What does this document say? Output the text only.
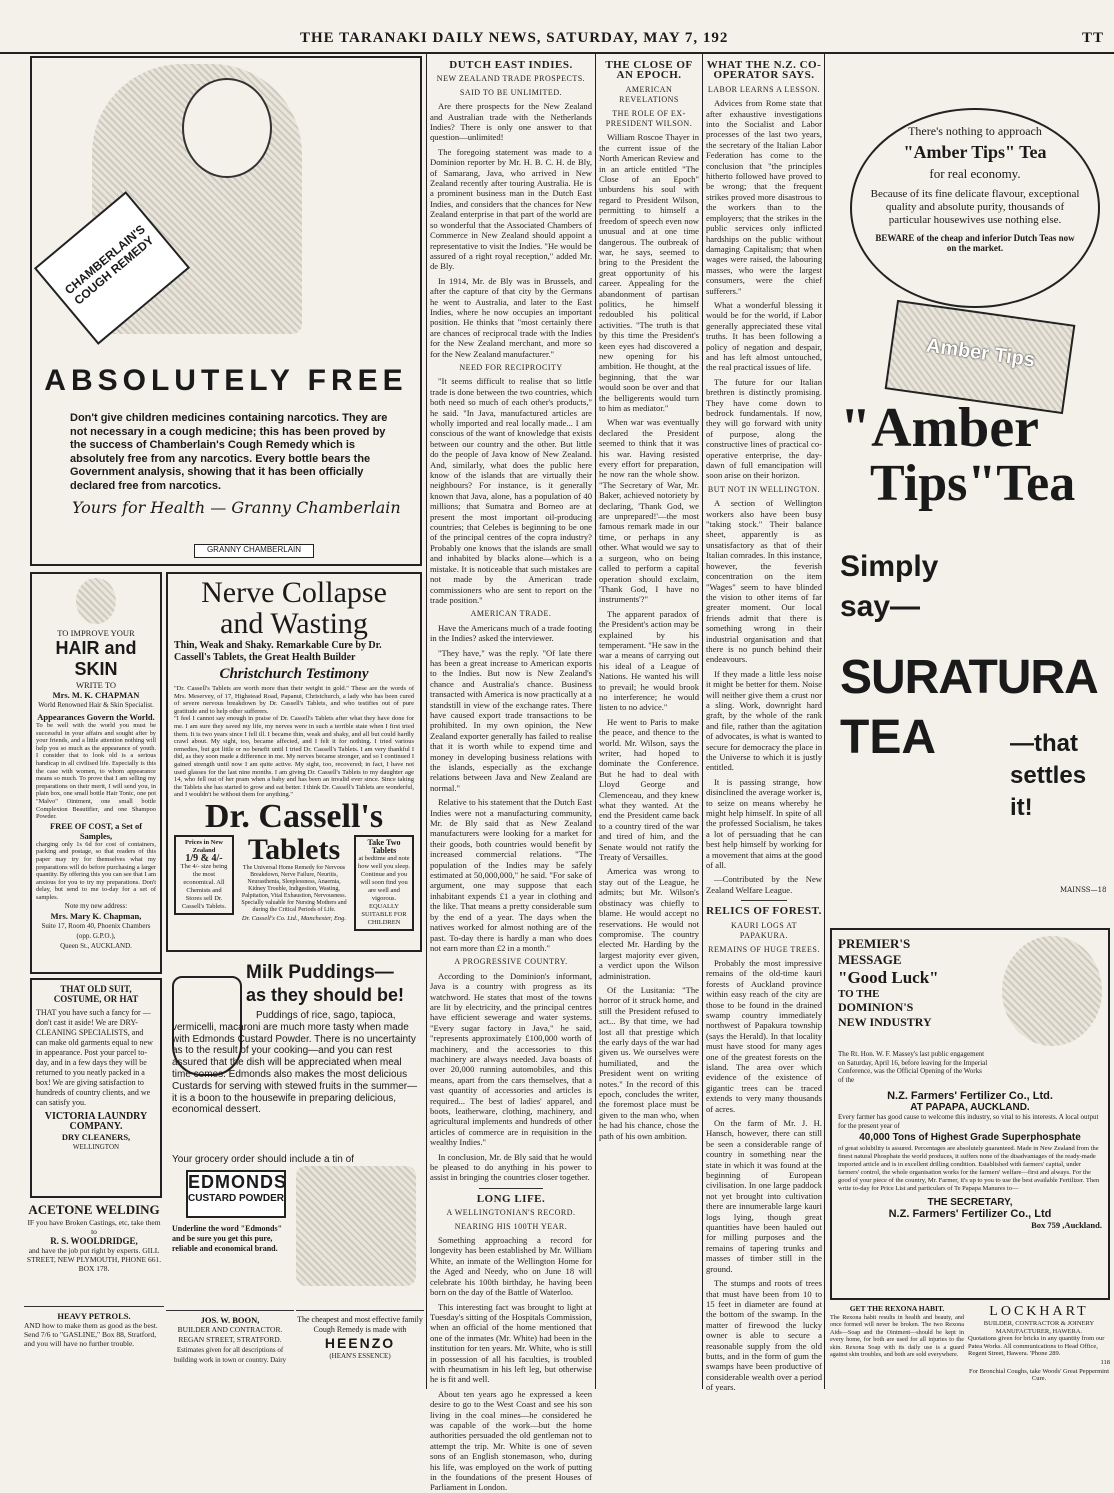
THE TARANAKI DAILY NEWS, SATURDAY, MAY 7, 192	TT
CHAMBERLAIN'S COUGH REMEDY
ABSOLUTELY FREE
Don't give children medicines containing narcotics. They are not necessary in a cough medicine; this has been proved by the success of Chamberlain's Cough Remedy which is absolutely free from any narcotics. Every bottle bears the Government analysis, showing that it has been officially declared free from narcotics.
Yours for Health — Granny Chamberlain
GRANNY CHAMBERLAIN
DUTCH EAST INDIES.
NEW ZEALAND TRADE PROSPECTS.
SAID TO BE UNLIMITED.

Are there prospects for the New Zealand and Australian trade with the Netherlands Indies? There is only one answer to that question—unlimited!

The foregoing statement was made to a Dominion reporter by Mr. H. B. C. H. de Bly, of Samarang, Java, who arrived in New Zealand recently after touring Australia. He is a prominent business man in the Dutch East Indies, and considers that the chances for New Zealand enterprise in that part of the world are so wonderful that the Associated Chambers of Commerce in New Zealand should appoint a representative to visit the Indies. "He would be assured of a right royal reception," added Mr. de Bly.

In 1914, Mr. de Bly was in Brussels, and after the capture of that city by the Germans he went to Australia, and later to the East Indies, where he now occupies an important position. He thinks that "most certainly there are chances of reciprocal trade with the Indies for the New Zealand merchant, and more so for the New Zealand manufacturer."

NEED FOR RECIPROCITY

"It seems difficult to realise that so little trade is done between the two countries, which both need so much of each other's products," he said. "In Java, manufactured articles are wholly imported and real locally made... I am conscious of the want of knowledge that exists between our country and the other. But little do the people of Java know of New Zealand. And, similarly, what does the public here know of the islands that are virtually their neighbours? For instance, is it generally known that Java, alone, has a population of 40 millions; that Sumatra and Borneo are at present the most important oil-producing countries; that Celebes is beginning to be one of the principal centres of the copra industry? Probably one knows that the islands are small and inhabited by blacks alone—which is a mistake. It is noticeable that such mistakes are not made by the American trade commissioners who are sent to report on the trade position."

AMERICAN TRADE.

Have the Americans much of a trade footing in the Indies? asked the interviewer.

"They have," was the reply. "Of late there has been a great increase to American exports to the Indies. But now is New Zealand's chance and Australia's chance. Business transacted with America is now practically at a standstill in view of the exchange rates. There have caused export trade transactions to be prohibited. In my own opinion, the New Zealand exporter generally has failed to realise that it is worth while to expend time and money in developing business relations with the islands, especially as the exchange relations between Java and New Zealand are normal."

Relative to his statement that the Dutch East Indies were not a manufacturing community, Mr. de Bly said that as New Zealand manufacturers were looking for a market for their goods, both countries would benefit by increased commercial relations. "The population of the Indies may be safely estimated at 50,000,000," he said. "For sake of argument, one may suppose that each inhabitant expends £1 a year in clothing and the like. That means a pretty considerable sum by the end of a year. The days when the natives worked for almost nothing are of the past. To-day there is hardly a man who does not earn more than £2 in a month."

A PROGRESSIVE COUNTRY.

According to the Dominion's informant, Java is a country with progress as its watchword. He states that most of the towns are lit by electricity, and the principal centres have efficient sewerage and water systems. "Every sugar factory in Java," he said, "represents approximately £100,000 worth of machinery, and the accessories to this machinery are always needed. Java boasts of over 20,000 running automobiles, and this means, apart from the cars themselves, that a vast quantity of accessories and articles is required... The best of ladies' apparel, and boots, leatherware, clothing, machinery, and agricultural implements and hundreds of other articles of commerce are in requisition in the wealthy Indies."

In conclusion, Mr. de Bly said that he would be pleased to do anything in his power to assist in bringing the countries closer together.

LONG LIFE.
A WELLINGTONIAN'S RECORD.
NEARING HIS 100TH YEAR.

Something approaching a record for longevity has been established by Mr. William White, an inmate of the Wellington Home for the Aged and Needy, who on June 18 will celebrate his 100th birthday, he having been born on the day of the Battle of Waterloo.

This interesting fact was brought to light at Tuesday's sitting of the Hospitals Commission, when an official of the home mentioned that one of the inmates (Mr. White) had been in the institution for ten years. Mr. White, who is still in possession of all his faculties, is troubled with rheumatism in his left leg, but otherwise he is fit and well.

About ten years ago he expressed a keen desire to go to the West Coast and see his son living in the coal mines—he considered he was capable of the work—but the home authorities persuaded the old gentleman not to attempt the trip. Mr. White is one of seven sons of an English stonemason, who, during his life, was employed on the work of putting in the foundations of the present Houses of Parliament in London.

THE CLOSE OF AN EPOCH.
AMERICAN REVELATIONS
THE ROLE OF EX-PRESIDENT WILSON.

William Roscoe Thayer in the current issue of the North American Review and in an article entitled "The Close of an Epoch" unburdens his soul with regard to President Wilson, permitting to himself a freedom of speech even now unusual and at one time dangerous. The outbreak of war, he says, seemed to bring to the President the great opportunity of his career. Appealing for the abandonment of partisan politics, he himself redoubled his political activities. "The truth is that by this time the President's keen eyes had discovered a new opening for his ambition. He thought, at the beginning, that the war would soon be over and that the belligerents would turn to him as mediator."

When war was eventually declared the President seemed to think that it was his war. Having resisted every effort for preparation, he now ran the whole show. "The Secretary of War, Mr. Baker, achieved notoriety by declaring, 'Thank God, we are unprepared!'—the most famous remark made in our time, or perhaps in any other. What would we say to a surgeon, who on being called to perform a capital operation should exclaim, 'Thank God, I have no instruments'?"

The apparent paradox of the President's action may be explained by his temperament. "He saw in the war a means of carrying out his ideal of a League of Nations. He wanted his will to prevail; he would brook no interference; he would listen to no advice."

He went to Paris to make the peace, and thence to the world. Mr. Wilson, says the writer, had hoped to dominate the Conference. But he had to deal with Lloyd George and Clemenceau, and they knew what they wanted. At the end the President came back to a country tired of the war and tired of him, and the Senate would not ratify the Treaty of Versailles.

America was wrong to stay out of the League, he admits; but Mr. Wilson's obstinacy was chiefly to blame. He would accept no reservations. He would not compromise. The country elected Mr. Harding by the largest majority ever given, a verdict upon the Wilson administration.

Of the Lusitania: "The horror of it struck home, and still the President refused to act... By that time, we had lost all that prestige which the early days of the war had given us. We ourselves were humiliated, and the President went on writing notes." In the record of this epoch, concludes the writer, the foremost place must be given to the man who, when he had his chance, chose the path of his own ambition.

There's nothing to approach
"Amber Tips" Tea
for real economy.
Because of its fine delicate flavour, exceptional quality and absolute purity, thousands of particular housewives use nothing else.
BEWARE of the cheap and inferior Dutch Teas now on the market.
Amber Tips
"Amber
Tips"Tea
Simply
say—
SURATURA
TEA	—that
settles
it!
MAINSS—18
TO IMPROVE YOUR
HAIR and
SKIN
WRITE TO
Mrs. M. K. CHAPMAN
World Renowned Hair & Skin Specialist.
Appearances Govern the World.
To be well with the world you must be successful in your affairs and sought after by your friends, and a little attention nothing will help you so much as the appearance of youth. I consider that to look old is a serious handicap in all civilised life. Especially is this the case with women, to whom appearance means so much. To prove that I am selling my preparations on their merit, I will send you, in plain box, one small bottle Hair Tonic, one pot "Malvo" Ointment, one small bottle Complexion Beautifier, and one Shampoo Powder.
FREE OF COST, a Set of Samples,
charging only 1s 6d for cost of containers, packing and postage, so that readers of this paper may try for themselves what my preparations will do before purchasing a larger quantity. By offering this you can see that I am anxious for you to try my preparations. Don't delay, but send to me to-day for a set of samples.
Note my new address:
Mrs. Mary K. Chapman,
Suite 17, Room 40, Phoenix Chambers (opp. G.P.O.),
Queen St., AUCKLAND.
Nerve Collapse
and Wasting
Thin, Weak and Shaky. Remarkable Cure by Dr. Cassell's Tablets, the Great Health Builder
Christchurch Testimony
"Dr. Cassell's Tablets are worth more than their weight in gold." These are the words of Mrs. Meservey, of 17, Highstead Road, Papanui, Christchurch, a lady who has been cured of severe nervous breakdown by Dr. Cassell's Tablets, and who testifies out of pure gratitude and to help other sufferers.
"I feel I cannot say enough in praise of Dr. Cassell's Tablets after what they have done for me. I am sure they saved my life, my nerves were in such a terrible state when I first tried them. It is two years since I fell ill. I became thin, weak and shaky, and all but could hardly crawl about. My sight, too, became affected, and I felt it for nothing. I tried various remedies, but got little or no benefit until I tried Dr. Cassell's Tablets. I am very thankful I did, as they soon made a difference in me. My nerves became stronger, and so I continued I gained strength until now I am quite active. My sight, too, recovered; in fact, I have not used glasses for the last nine months. I am giving Dr. Cassell's Tablets to my daughter age 14, who fell out of her pram when a baby and has been an invalid ever since. Since taking the Tablets she has started to grow and eat better. I think Dr. Cassell's Tablets are wonderful, and I wouldn't be without them for anything."
Dr. Cassell's
Prices in New Zealand
1/9 & 4/-
The 4/- size being the most economical. All Chemists and Stores sell Dr. Cassell's Tablets.
Tablets
The Universal Home Remedy for Nervous Breakdown, Nerve Failure, Neuritis, Neurasthenia, Sleeplessness, Anaemia, Kidney Trouble, Indigestion, Wasting, Palpitation, Vital Exhaustion, Nervousness. Specially valuable for Nursing Mothers and during the Critical Periods of Life.
Dr. Cassell's Co. Ltd., Manchester, Eng.
Take Two Tablets
at bedtime and note how well you sleep. Continue and you will soon find you are well and vigorous. EQUALLY SUITABLE FOR CHILDREN
THAT OLD SUIT, COSTUME, OR HAT
THAT you have such a fancy for —don't cast it aside! We are DRY-CLEANING SPECIALISTS, and can make old garments equal to new in appearance. Post your parcel to-day, and in a few days they will be returned to you neatly packed in a box! We are giving satisfaction to hundreds of country clients, and we can satisfy you.
VICTORIA LAUNDRY COMPANY.
DRY CLEANERS,
WELLINGTON
ACETONE WELDING
IF you have Broken Castings, etc, take them to
R. S. WOOLDRIDGE,
and have the job put right by experts. GILL STREET, NEW PLYMOUTH, PHONE 661. BOX 178.
HEAVY PETROLS.
AND how to make them as good as the best. Send 7/6 to "GASLINE," Box 88, Stratford, and you will have no further trouble.
Milk Puddings—
as they should be!
Puddings of rice, sago, tapioca, vermicelli, macaroni are much more tasty when made with Edmonds Custard Powder. There is no uncertainty as to the result of your cooking—and you can rest assured that the dish will be appreciated when meal time comes. Edmonds also makes the most delicious Custards for serving with stewed fruits in the summer—it is a boon to the housewife in preparing delicious, economical dessert.
Your grocery order should include a tin of
EDMONDS
CUSTARD POWDER
Underline the word "Edmonds" and be sure you get this pure, reliable and economical brand.
JOS. W. BOON,
BUILDER AND CONTRACTOR.
REGAN STREET, STRATFORD.
Estimates given for all descriptions of building work in town or country. Dairy
The cheapest and most effective family Cough Remedy is made with
HEENZO
(HEAN'S ESSENCE)
PREMIER'S
MESSAGE
"Good Luck"
TO THE
DOMINION'S
NEW INDUSTRY
The Rt. Hon. W. F. Massey's last public engagement on Saturday, April 16, before leaving for the Imperial Conference, was the Official Opening of the Works of the
N.Z. Farmers' Fertilizer Co., Ltd.
AT PAPAPA, AUCKLAND.
Every farmer has good cause to welcome this industry, so vital to his interests. A local output for the present year of
40,000 Tons of Highest Grade Superphosphate
of great solubility is assured. Percentages are absolutely guaranteed. Made in New Zealand from the finest natural Phosphate the world produces, it suffers none of the disadvantages of the ready-made imported article and is in excellent drilling condition. Established with farmers' capital, under farmers' control, the whole organisation works for the farmers' welfare—first and always. For the good of your piece of the country, Mr. Farmer, it's up to you to use the best available Fertilizer. Then write to-day for Price List and particulars of Te Papapa Manures to—
THE SECRETARY,
N.Z. Farmers' Fertilizer Co., Ltd
Box 759 ,Auckland.
GET THE REXONA HABIT.
The Rexona habit results in health and beauty, and once formed will never be broken. The two Rexona Aids—Soap and the Ointment—should be kept in every home, for both are used for all injuries to the skin. Rexona Soap with its daily use is a guard against skin troubles, and both are sold everywhere.
LOCKHART
BUILDER, CONTRACTOR & JOINERY MANUFACTURER, HAWERA.
Quotations given for bricks in any quantity from our Patea Works. All communications to Head Office, Regent Street, Hawera. 'Phone 289.
118
For Bronchial Coughs, take Woods' Great Peppermint Cure.
WHAT THE N.Z. CO-OPERATOR SAYS.
LABOR LEARNS A LESSON.

Advices from Rome state that after exhaustive investigations into the Socialist and Labor processes of the last two years, the secretary of the Italian Labor Federation has come to the conclusion that "the principles hitherto followed have proved to be wrong; that the frequent strikes proved more disastrous to the workers than to the employers; that the strikes in the public services only inflicted hardships on the public without damaging Capitalism; that when wages were raised, the labouring masses, who were the largest consumers, were the chief sufferers."

What a wonderful blessing it would be for the world, if Labor generally appreciated these vital truths. It has been following a policy of negation and despair, and has left almost untouched, the real practical issues of life.

The future for our Italian brethren is distinctly promising. They have come down to bedrock fundamentals. If now, they will go forward with unity of purpose, along the constructive lines of practical co-operative enterprise, the day-dawn of full emancipation will soon arise on their horizon.

BUT NOT IN WELLINGTON.

A section of Wellington workers also have been busy "taking stock." Their balance sheet, apparently is as unsatisfactory as that of their Italian comrades. In this instance, however, the feverish concentration on the item "Wages" seem to have blinded the vision to other items of far greater moment. Our local friends admit that there is something wrong in their industrial organisation and that there is no punch behind their endeavours.

If they made a little less noise it might be better for them. Noise will neither give them a crust nor a sling. Work, downright hard graft, by the whole of the rank and file, rather than the agitation of advocates, is what is wanted to secure for democracy the place in the Universe to which it is justly entitled.

It is passing strange, how disinclined the average worker is, to seize on means whereby he might help himself. In spite of all the professed Socialism, he takes a lot of persuading that he can best help himself by working for a movement that aims at the good of all.

—Contributed by the New Zealand Welfare League.

RELICS OF FOREST.
KAURI LOGS AT PAPAKURA.
REMAINS OF HUGE TREES.

Probably the most impressive remains of the old-time kauri forests of Auckland province within easy reach of the city are those to be found in the drained swamp country immediately northwest of Papakura township (says the Herald). In that locality must have stood for many ages one of the greatest forests on the island. The area over which evidence of the existence of gigantic trees can be traced extends to very many thousands of acres.

On the farm of Mr. J. H. Hansch, however, there can still be seen a considerable range of country in something near the state in which it was found at the beginning of European civilisation. In one large paddock not yet brought into cultivation there are innumerable large kauri logs lying, though great quantities have been hauled out for milling purposes and the remains of tapering trunks and masses of timber still in the ground.

The stumps and roots of trees that must have been from 10 to 15 feet in diameter are found at the bottom of the swamp. In the matter of firewood the lucky owner is able to secure a reasonable supply from the old butts, and in the form of gum the swamps have been productive of considerable wealth over a period of years.
